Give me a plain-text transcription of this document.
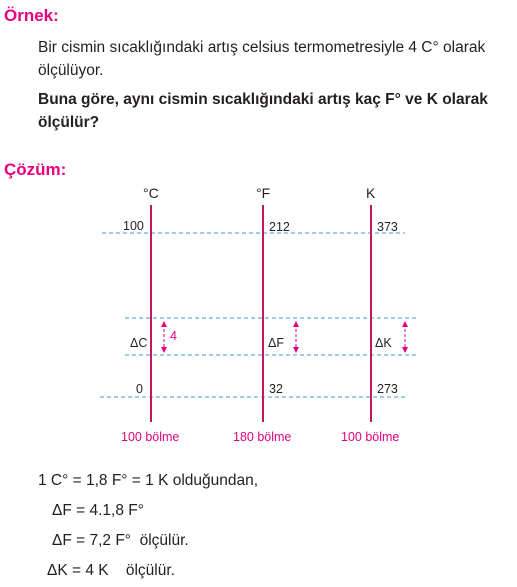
Örnek:
Bir cismin sıcaklığındaki artış celsius termometresiyle 4 C° olarak
ölçülüyor.
Buna göre, aynı cismin sıcaklığındaki artış kaç F° ve K olarak
ölçülür?
Çözüm:
°C	°F	K
100	212	373
ΔC 4	ΔF	ΔK
0	32	273
100 bölme	180 bölme	100 bölme
1 C° = 1,8 F° = 1 K olduğundan,
ΔF = 4.1,8 F°
ΔF = 7,2 F°  ölçülür.
ΔK = 4 K    ölçülür.
